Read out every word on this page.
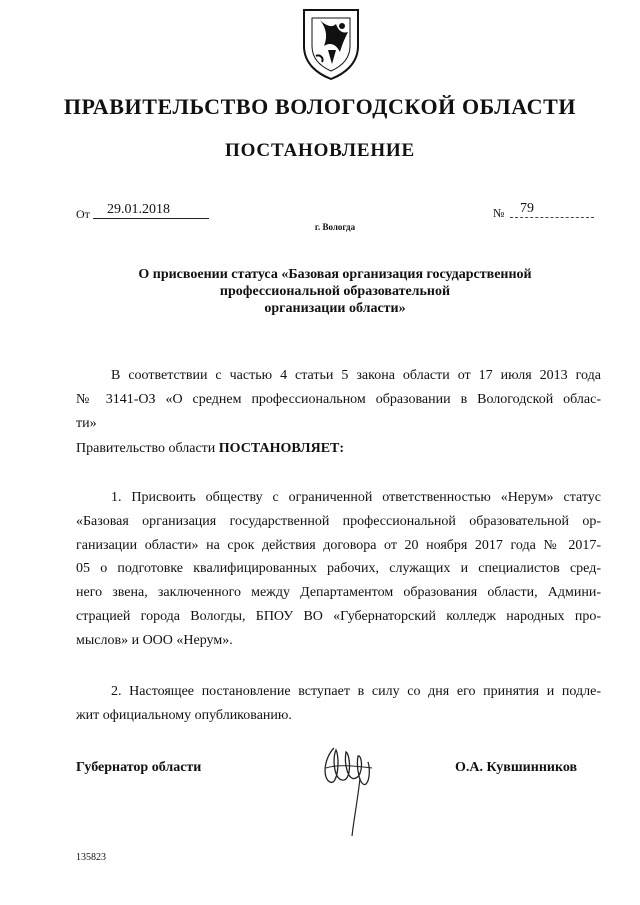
ПРАВИТЕЛЬСТВО ВОЛОГОДСКОЙ ОБЛАСТИ
ПОСТАНОВЛЕНИЕ
От	29.01.2018	№	79
г. Вологда
О присвоении статуса «Базовая организация государственной
профессиональной образовательной
организации области»
В соответствии с частью 4 статьи 5 закона области от 17 июля 2013 года
№ 3141-ОЗ «О среднем профессиональном образовании в Вологодской облас-
ти»
Правительство области ПОСТАНОВЛЯЕТ:
1. Присвоить обществу с ограниченной ответственностью «Нерум» статус
«Базовая организация государственной профессиональной образовательной ор-
ганизации области» на срок действия договора от 20 ноября 2017 года № 2017-
05 о подготовке квалифицированных рабочих, служащих и специалистов сред-
него звена, заключенного между Департаментом образования области, Админи-
страцией города Вологды, БПОУ ВО «Губернаторский колледж народных про-
мыслов» и ООО «Нерум».
2. Настоящее постановление вступает в силу со дня его принятия и подле-
жит официальному опубликованию.
Губернатор области	О.А. Кувшинников
135823
